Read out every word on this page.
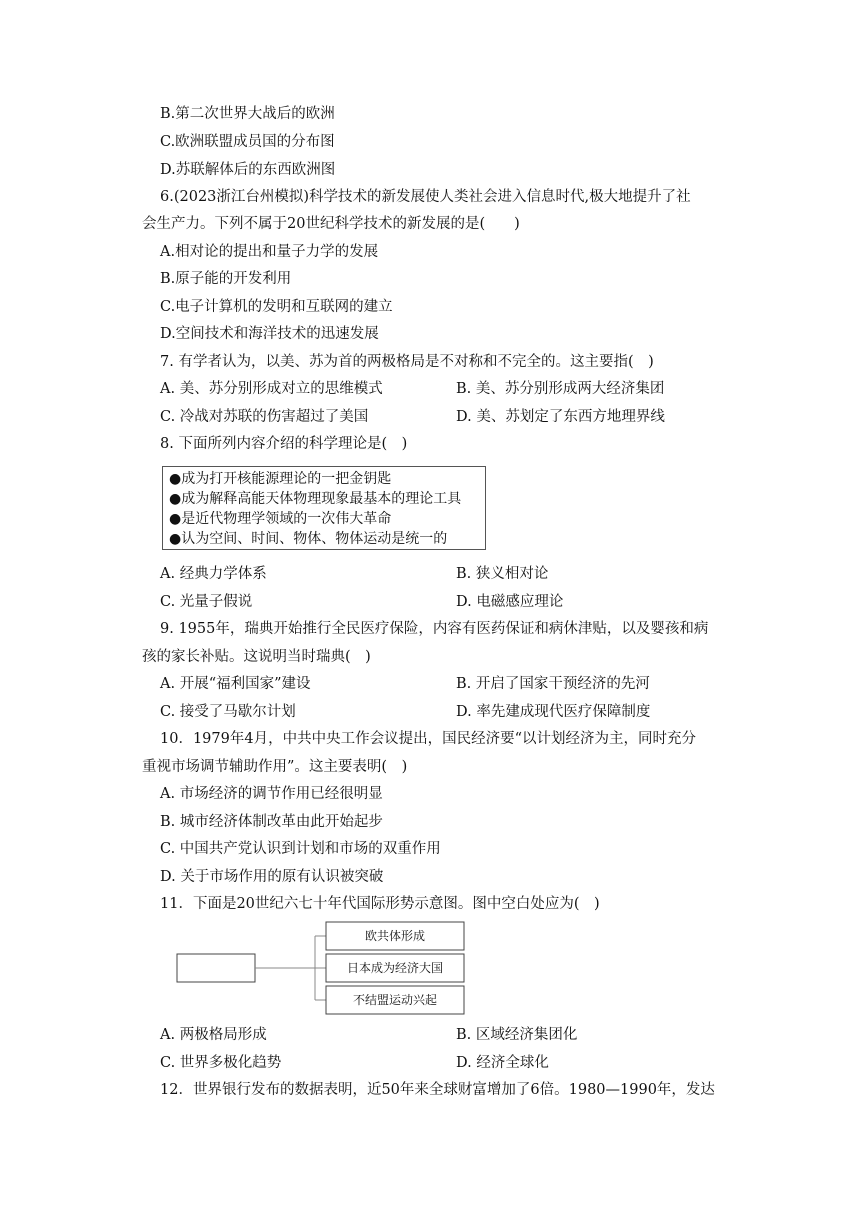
B.第二次世界大战后的欧洲
C.欧洲联盟成员国的分布图
D.苏联解体后的东西欧洲图
6.(2023浙江台州模拟)科学技术的新发展使人类社会进入信息时代,极大地提升了社
会生产力。下列不属于20世纪科学技术的新发展的是(　　)
A.相对论的提出和量子力学的发展
B.原子能的开发利用
C.电子计算机的发明和互联网的建立
D.空间技术和海洋技术的迅速发展
7. 有学者认为，以美、苏为首的两极格局是不对称和不完全的。这主要指(　)
A. 美、苏分别形成对立的思维模式	B. 美、苏分别形成两大经济集团
C. 冷战对苏联的伤害超过了美国	D. 美、苏划定了东西方地理界线
8. 下面所列内容介绍的科学理论是(　)
●成为打开核能源理论的一把金钥匙
●成为解释高能天体物理现象最基本的理论工具
●是近代物理学领域的一次伟大革命
●认为空间、时间、物体、物体运动是统一的
A. 经典力学体系	B. 狭义相对论
C. 光量子假说	D. 电磁感应理论
9. 1955年，瑞典开始推行全民医疗保险，内容有医药保证和病休津贴，以及婴孩和病
孩的家长补贴。这说明当时瑞典(　)
A. 开展“福利国家”建设	B. 开启了国家干预经济的先河
C. 接受了马歇尔计划	D. 率先建成现代医疗保障制度
10．1979年4月，中共中央工作会议提出，国民经济要“以计划经济为主，同时充分
重视市场调节辅助作用”。这主要表明(　)
A. 市场经济的调节作用已经很明显
B. 城市经济体制改革由此开始起步
C. 中国共产党认识到计划和市场的双重作用
D. 关于市场作用的原有认识被突破
11．下面是20世纪六七十年代国际形势示意图。图中空白处应为(　)
欧共体形成
日本成为经济大国
不结盟运动兴起
A. 两极格局形成	B. 区域经济集团化
C. 世界多极化趋势	D. 经济全球化
12．世界银行发布的数据表明，近50年来全球财富增加了6倍。1980—1990年，发达
